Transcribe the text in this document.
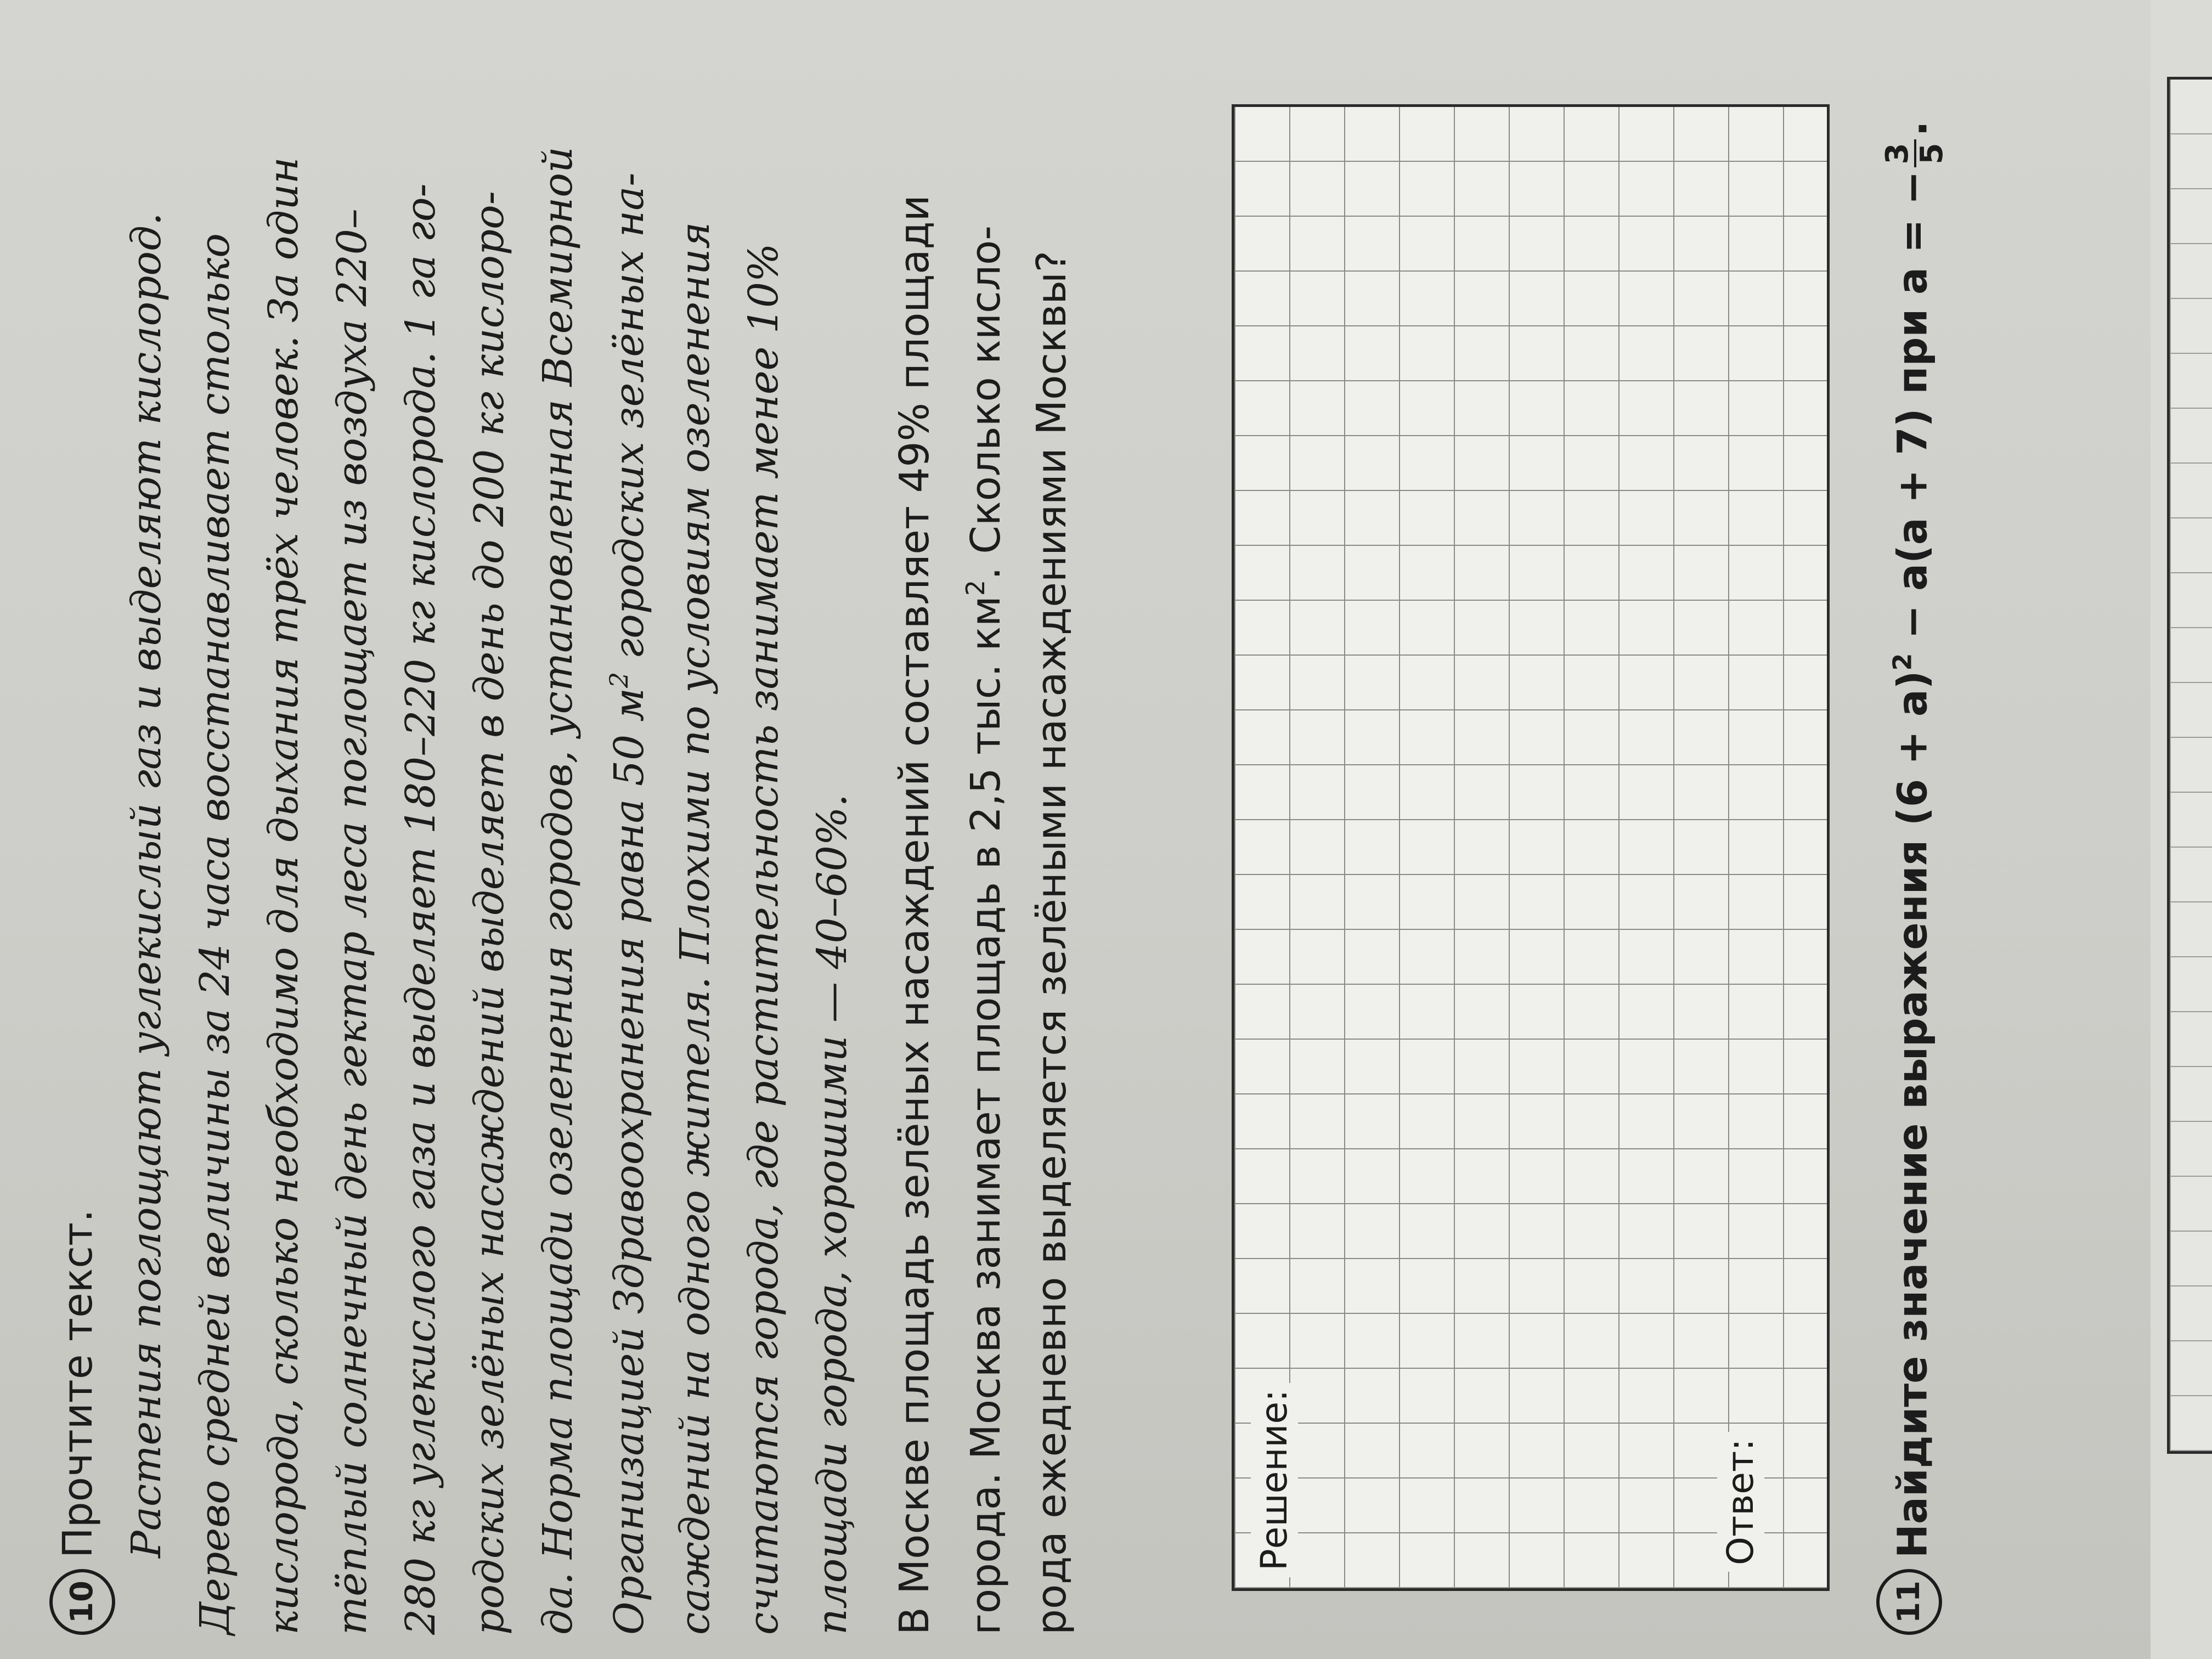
10
Прочтите текст. Растения поглощают углекислый газ и выделяют кислород. Дерево средней величины за 24 часа восстанавливает столько кислорода, сколько необходимо для дыхания трёх человек. За один тёплый солнечный день гектар леса поглощает из воздуха 220– 280 кг углекислого газа и выделяет 180–220 кг кислорода. 1 га го- родских зелёных насаждений выделяет в день до 200 кг кислоро- да. Норма площади озеленения городов, установленная Всемирной Организацией Здравоохранения равна 50 $м^2$ городских зелёных на- саждений на одного жителя. Плохими по условиям озеленения считаются города, где растительность занимает менее 10% площади города, хорошими — 40–60%. В Москве площадь зелёных насаждений составляет 49% площади города. Москва занимает площадь в 2,5 тыс. $км^2$. Сколько кисло- рода ежедневно выделяется зелёными насаждениями Москвы?	Решение:	Ответ:
11
Найдите значение выражения $(6 + a)^2 - a(a + 7)$ при a = −
3
5
.
